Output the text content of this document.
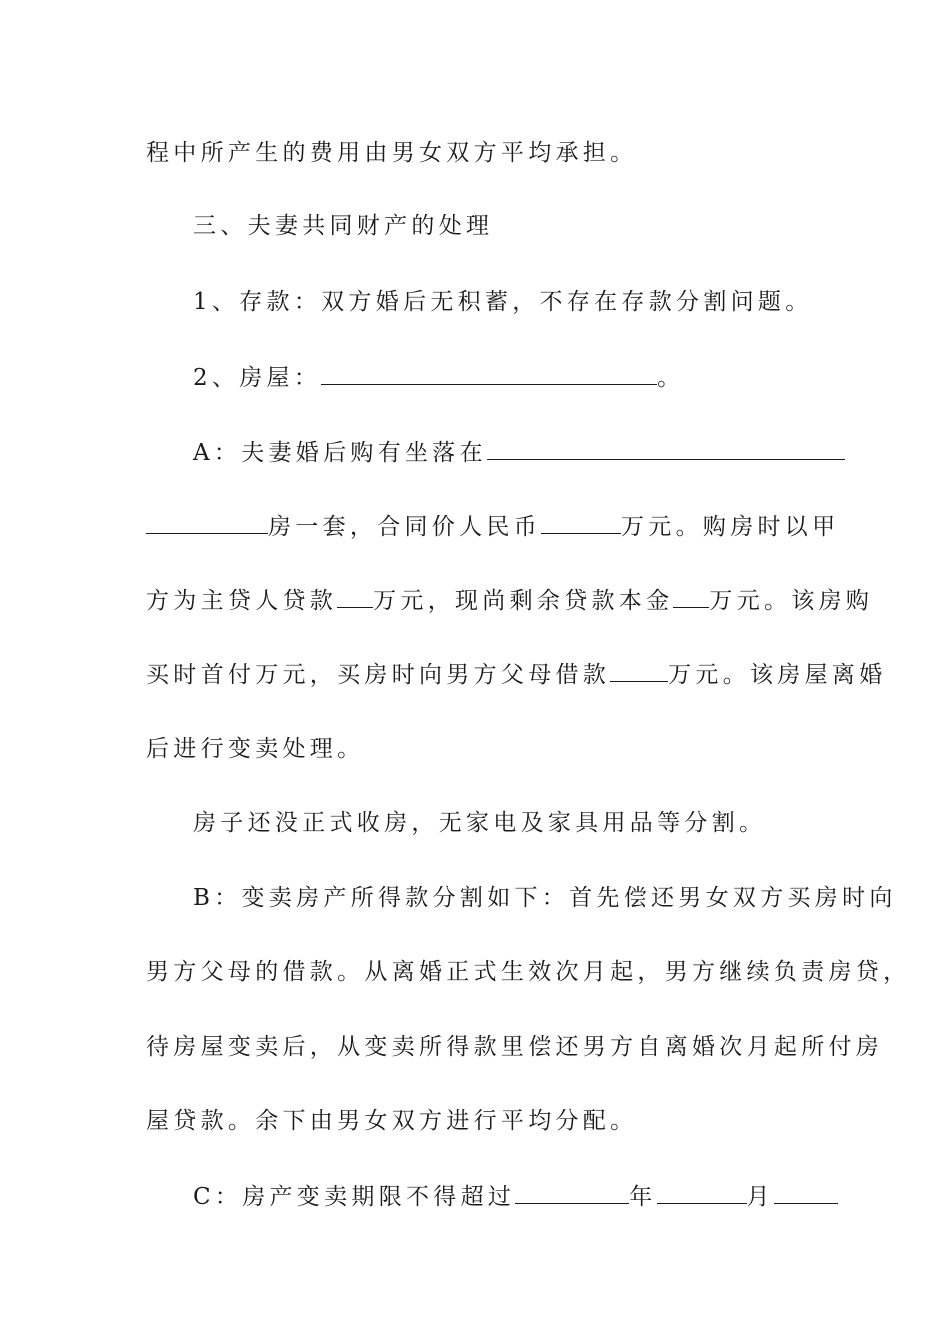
程中所产生的费用由男女双方平均承担。
三、夫妻共同财产的处理
1、存款：双方婚后无积蓄，不存在存款分割问题。
2、房屋：	。
A：夫妻婚后购有坐落在
房一套，合同价人民币	万元。购房时以甲
方为主贷人贷款 万元，现尚剩余贷款本金 万元。该房购
买时首付万元，买房时向男方父母借款	万元。该房屋离婚
后进行变卖处理。
房子还没正式收房，无家电及家具用品等分割。
B：变卖房产所得款分割如下：首先偿还男女双方买房时向
男方父母的借款。从离婚正式生效次月起，男方继续负责房贷，
待房屋变卖后，从变卖所得款里偿还男方自离婚次月起所付房
屋贷款。余下由男女双方进行平均分配。
C：房产变卖期限不得超过	年	月
